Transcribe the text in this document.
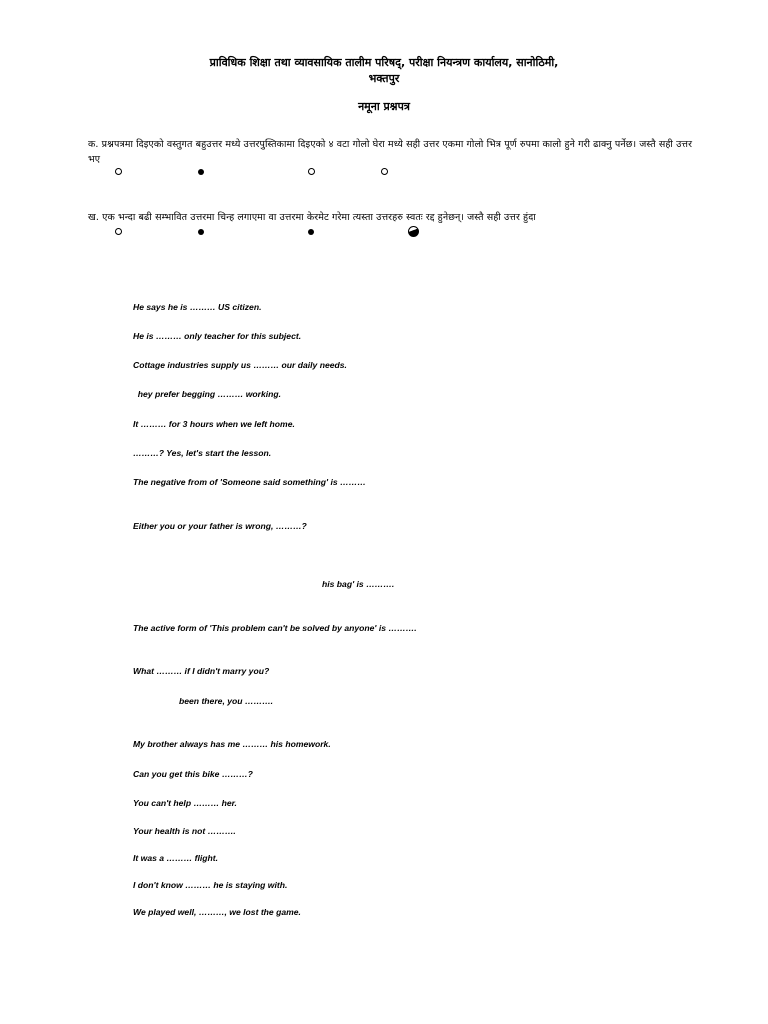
प्राविधिक शिक्षा तथा व्यावसायिक तालीम परिषद्, परीक्षा नियन्त्रण कार्यालय, सानोठिमी,
भक्तपुर
नमूना प्रश्नपत्र
क. प्रश्नपत्रमा दिइएको वस्तुगत बहुउत्तर मध्ये उत्तरपुस्तिकामा दिइएको ४ वटा गोलो घेरा मध्ये सही उत्तर एकमा गोलो भित्र पूर्ण रुपमा कालो हुने गरी ढाक्नु पर्नेछ। जस्तै सही उत्तर भए
ख. एक भन्दा बढी सम्भावित उत्तरमा चिन्ह लगाएमा वा उत्तरमा केरमेट गरेमा त्यस्ता उत्तरहरु स्वतः रद्द हुनेछन्। जस्तै सही उत्तर हुंदा
He says he is ……… US citizen.
He is ……… only teacher for this subject.
Cottage industries supply us ……… our daily needs.
hey prefer begging ……… working.
It ……… for 3 hours when we left home.
………? Yes, let's start the lesson.
The negative from of 'Someone said something' is ………
Either you or your father is wrong, ………?
his bag' is ……….
The active form of 'This problem can't be solved by anyone' is ……….
What ……… if I didn't marry you?
been there, you ……….
My brother always has me ……… his homework.
Can you get this bike ………?
You can't help ……… her.
Your health is not ……….
It was a ……… flight.
I don't know ……… he is staying with.
We played well, ………, we lost the game.
